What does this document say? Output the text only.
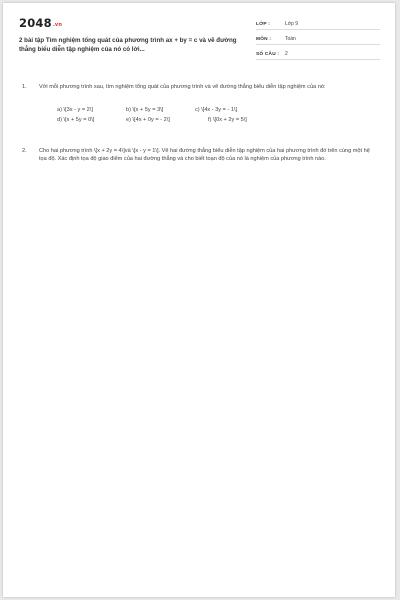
2048.vn
2 bài tập Tìm nghiệm tổng quát của phương trình ax + by = c và vẽ đường thẳng biểu diễn tập nghiệm của nó có lời...
LỚP :	Lớp 9
MÔN :	Toán
SỐ CÂU : 2
1. Với mỗi phương trình sau, tìm nghiệm tổng quát của phương trình và vẽ đường thẳng biểu diễn tập nghiệm của nó:
a) \[3x - y = 2\]	b) \[x + 5y = 3\]	c) \[4x - 3y = - 1\]
d) \[x + 5y = 0\]	e) \[4x + 0y = - 2\]	f) \[0x + 2y = 5\]
2. Cho hai phương trình \[x + 2y = 4\]và \[x - y = 1\]. Vẽ hai đường thẳng biểu diễn tập nghiệm của hai phương trình đó trên cùng một hệ tọa độ. Xác định tọa độ giao điểm của hai đường thẳng và cho biết toạn độ của nó là nghiệm của phương trình nào.
